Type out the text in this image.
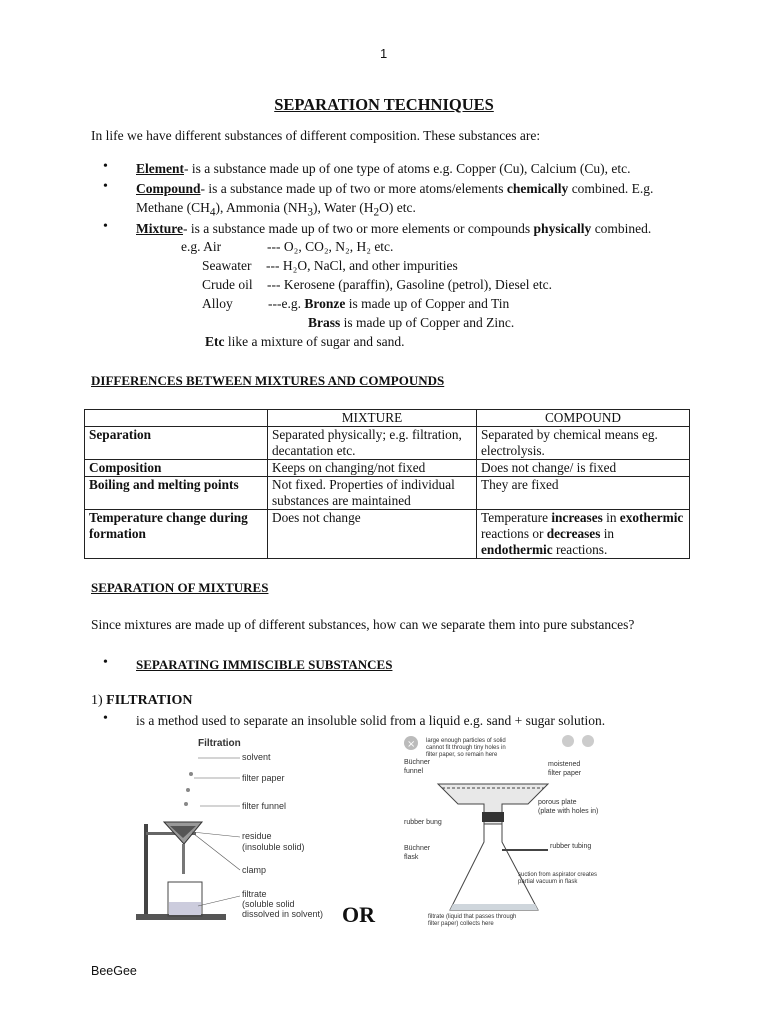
1
SEPARATION TECHNIQUES
In life we have different substances of different composition. These substances are:
• Element- is a substance made up of one type of atoms e.g. Copper (Cu), Calcium (Cu), etc.
• Compound- is a substance made up of two or more atoms/elements chemically combined. E.g.
Methane $(CH_4)$, Ammonia $(NH_3)$, Water $(H_2O)$ etc.
• Mixture- is a substance made up of two or more elements or compounds physically combined.
e.g. Air	--- O₂, CO₂, N₂, H₂ etc.
Seawater --- H₂O, NaCl, and other impurities
Crude oil --- Kerosene (paraffin), Gasoline (petrol), Diesel etc.
Alloy	---e.g. Bronze is made up of Copper and Tin
Brass is made up of Copper and Zinc.
Etc like a mixture of sugar and sand.
DIFFERENCES BETWEEN MIXTURES AND COMPOUNDS
	MIXTURE	COMPOUND
Separation	Separated physically; e.g. filtration, decantation etc.	Separated by chemical means eg. electrolysis.
Composition	Keeps on changing/not fixed	Does not change/ is fixed
Boiling and melting points	Not fixed. Properties of individual substances are maintained	They are fixed
Temperature change during formation	Does not change	Temperature increases in exothermic reactions or decreases in endothermic reactions.
SEPARATION OF MIXTURES
Since mixtures are made up of different substances, how can we separate them into pure substances?
• SEPARATING IMMISCIBLE SUBSTANCES
1) FILTRATION
• is a method used to separate an insoluble solid from a liquid e.g. sand + sugar solution.
Filtration
solvent
filter paper
filter funnel
residue
(insoluble solid)
clamp
filtrate
(soluble solid
dissolved in solvent) OR
× large enough particles of solid
cannot fit through tiny holes in
filter paper, so remain here
Büchner
funnel
moistened
filter paper
porous plate
(plate with holes in)
rubber bung
Büchner
flask
rubber tubing
suction from aspirator creates
partial vacuum in flask
filtrate (liquid that passes through
filter paper) collects here
BeeGee
